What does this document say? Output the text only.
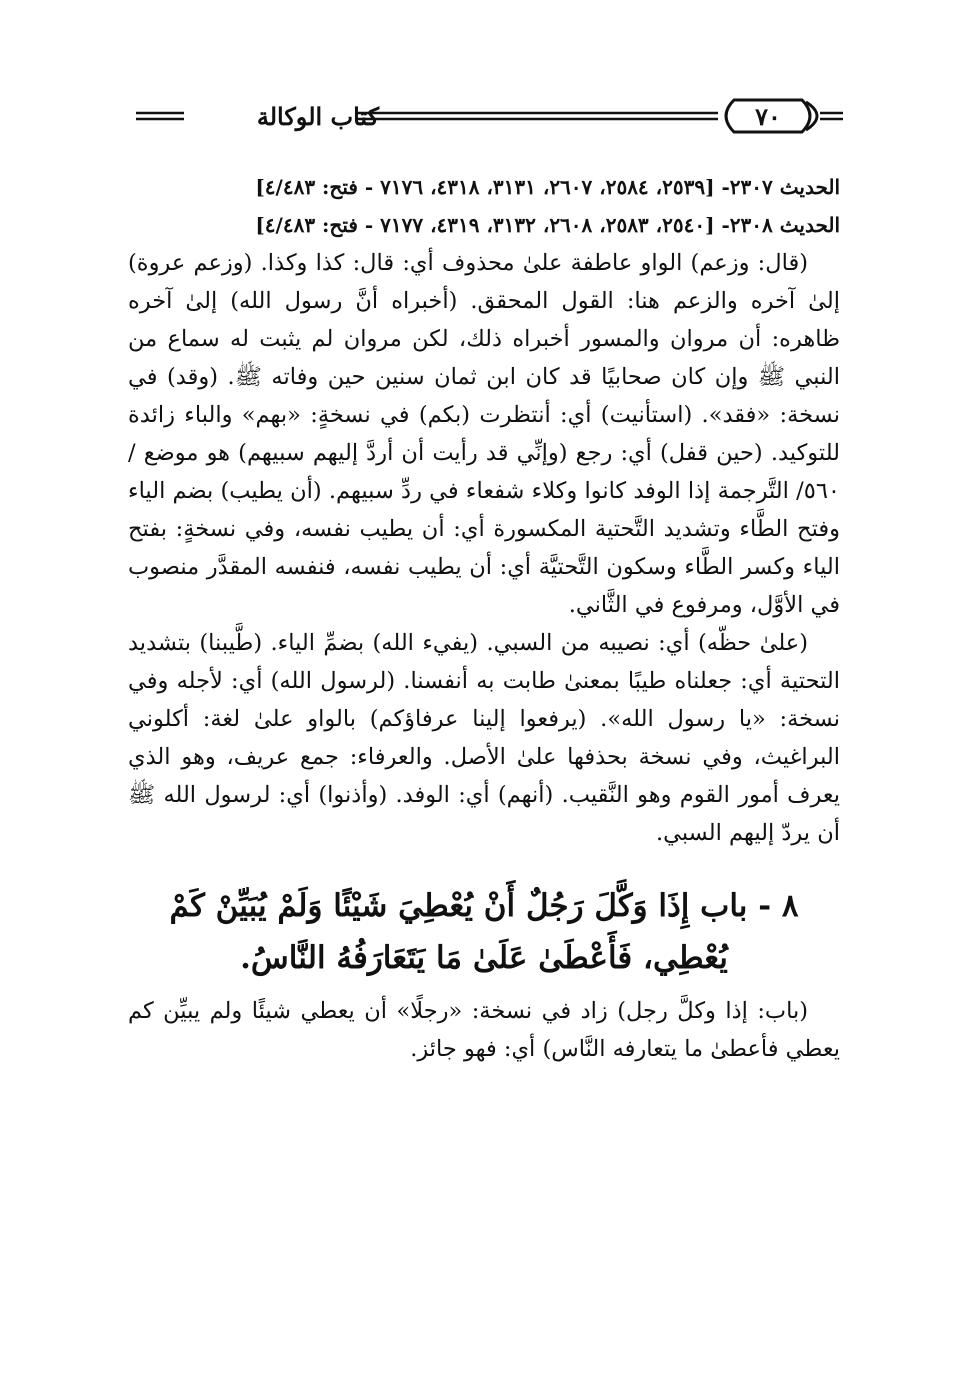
٧٠
كتاب الوكالة

الحديث ٢٣٠٧- [٢٥٣٩، ٢٥٨٤، ٢٦٠٧، ٣١٣١، ٤٣١٨، ٧١٧٦ - فتح: ٤/٤٨٣]

الحديث ٢٣٠٨- [٢٥٤٠، ٢٥٨٣، ٢٦٠٨، ٣١٣٢، ٤٣١٩، ٧١٧٧ - فتح: ٤/٤٨٣]

(قال: وزعم) الواو عاطفة علىٰ محذوف أي: قال: كذا وكذا. (وزعم عروة) إلىٰ آخره والزعم هنا: القول المحقق. (أخبراه أنَّ رسول الله) إلىٰ آخره ظاهره: أن مروان والمسور أخبراه ذلك، لكن مروان لم يثبت له سماع من النبي ﷺ وإن كان صحابيًا قد كان ابن ثمان سنين حين وفاته ﷺ. (وقد) في نسخة: «فقد». (استأنيت) أي: أنتظرت (بكم) في نسخةٍ: «بهم» والباء زائدة للتوكيد. (حين قفل) أي: رجع (وإنِّي قد رأيت أن أردَّ إليهم سبيهم) هو موضع / ٥٦٠/ التَّرجمة إذا الوفد كانوا وكلاء شفعاء في ردِّ سبيهم. (أن يطيب) بضم الياء وفتح الطَّاء وتشديد التَّحتية المكسورة أي: أن يطيب نفسه، وفي نسخةٍ: بفتح الياء وكسر الطَّاء وسكون التَّحتيَّة أي: أن يطيب نفسه، فنفسه المقدَّر منصوب في الأوَّل، ومرفوع في الثَّاني.

(علىٰ حظّه) أي: نصيبه من السبي. (يفيء الله) بضمِّ الياء. (طَّيبنا) بتشديد التحتية أي: جعلناه طيبًا بمعنىٰ طابت به أنفسنا. (لرسول الله) أي: لأجله وفي نسخة: «يا رسول الله». (يرفعوا إلينا عرفاؤكم) بالواو علىٰ لغة: أكلوني البراغيث، وفي نسخة بحذفها علىٰ الأصل. والعرفاء: جمع عريف، وهو الذي يعرف أمور القوم وهو النَّقيب. (أنهم) أي: الوفد. (وأذنوا) أي: لرسول الله ﷺ أن يردّ إليهم السبي.

٨ - باب إِذَا وَكَّلَ رَجُلٌ أَنْ يُعْطِيَ شَيْئًا وَلَمْ يُبَيِّنْ كَمْ يُعْطِي، فَأَعْطَىٰ عَلَىٰ مَا يَتَعَارَفُهُ النَّاسُ.

(باب: إذا وكلَّ رجل) زاد في نسخة: «رجلًا» أن يعطي شيئًا ولم يبيِّن كم يعطي فأعطىٰ ما يتعارفه النَّاس) أي: فهو جائز.
